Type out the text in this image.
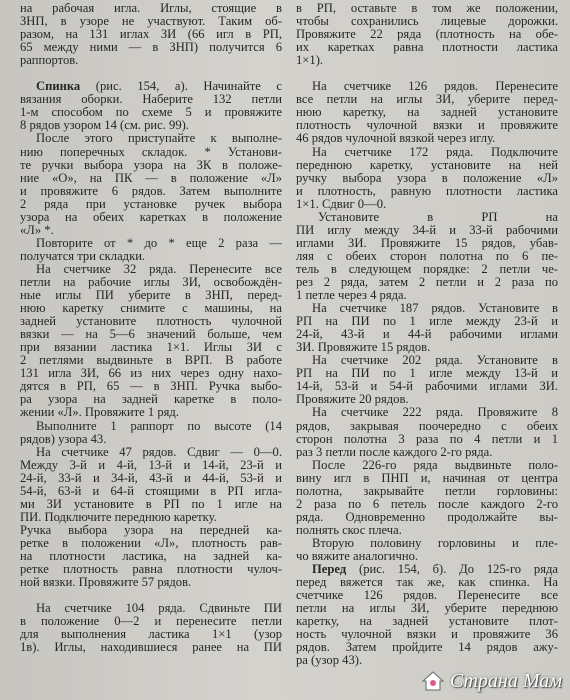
на рабочая игла. Иглы, стоящие в
ЗНП, в узоре не участвуют. Таким об-
разом, на 131 иглах ЗИ (66 игл в РП,
65 между ними — в ЗНП) получится 6
раппортов.
Спинка (рис. 154, а). Начинайте с
вязания оборки. Наберите 132 петли
1-м способом по схеме 5 и провяжите
8 рядов узором 14 (см. рис. 99).
После этого приступайте к выполне-
нию поперечных складок. * Установи-
те ручки выбора узора на ЗК в положе-
ние «О», на ПК — в положение «Л»
и провяжите 6 рядов. Затем выполните
2 ряда при установке ручек выбора
узора на обеих каретках в положение
«Л» *.
Повторите от * до * еще 2 раза —
получатся три складки.
На счетчике 32 ряда. Перенесите все
петли на рабочие иглы ЗИ, освобождён-
ные иглы ПИ уберите в ЗНП, перед-
нюю каретку снимите с машины, на
задней установите плотность чулочной
вязки — на 5—6 значений больше, чем
при вязании ластика 1×1. Иглы ЗИ с
2 петлями выдвиньте в ВРП. В работе
131 игла ЗИ, 66 из них через одну нахо-
дятся в РП, 65 — в ЗНП. Ручка выбо-
ра узора на задней каретке в поло-
жении «Л». Провяжите 1 ряд.
Выполните 1 раппорт по высоте (14
рядов) узора 43.
На счетчике 47 рядов. Сдвиг — 0—0.
Между 3-й и 4-й, 13-й и 14-й, 23-й и
24-й, 33-й и 34-й, 43-й и 44-й, 53-й и
54-й, 63-й и 64-й стоящими в РП игла-
ми ЗИ установите в РП по 1 игле на
ПИ. Подключите переднюю каретку.
Ручка выбора узора на передней ка-
ретке в положении «Л», плотность рав-
на плотности ластика, на задней ка-
ретке плотность равна плотности чулоч-
ной вязки. Провяжите 57 рядов.
На счетчике 104 ряда. Сдвиньте ПИ
в положение 0—2 и перенесите петли
для выполнения ластика 1×1 (узор
1в). Иглы, находившиеся ранее на ПИ
в РП, оставьте в том же положении,
чтобы сохранились лицевые дорожки.
Провяжите 22 ряда (плотность на обе-
их каретках равна плотности ластика
1×1).
На счетчике 126 рядов. Перенесите
все петли на иглы ЗИ, уберите перед-
нюю каретку, на задней установите
плотность чулочной вязки и провяжите
46 рядов чулочной вязкой через иглу.
На счетчике 172 ряда. Подключите
переднюю каретку, установите на ней
ручку выбора узора в положение «Л»
и плотность, равную плотности ластика
1×1. Сдвиг 0—0.
Установите в РП на
ПИ иглу между 34-й и 33-й рабочими
иглами ЗИ. Провяжите 15 рядов, убав-
ляя с обеих сторон полотна по 6 пе-
тель в следующем порядке: 2 петли че-
рез 2 ряда, затем 2 петли и 2 раза по
1 петле через 4 ряда.
На счетчике 187 рядов. Установите в
РП на ПИ по 1 игле между 23-й и
24-й, 43-й и 44-й рабочими иглами
ЗИ. Провяжите 15 рядов.
На счетчике 202 ряда. Установите в
РП на ПИ по 1 игле между 13-й и
14-й, 53-й и 54-й рабочими иглами ЗИ.
Провяжите 20 рядов.
На счетчике 222 ряда. Провяжите 8
рядов, закрывая поочередно с обеих
сторон полотна 3 раза по 4 петли и 1
раз 3 петли после каждого 2-го ряда.
После 226-го ряда выдвиньте поло-
вину игл в ПНП и, начиная от центра
полотна, закрывайте петли горловины:
2 раза по 6 петель после каждого 2-го
ряда. Одновременно продолжайте вы-
полнять скос плеча.
Вторую половину горловины и пле-
чо вяжите аналогично.
Перед (рис. 154, б). До 125-го ряда
перед вяжется так же, как спинка. На
счетчике 126 рядов. Перенесите все
петли на иглы ЗИ, уберите переднюю
каретку, на задней установите плот-
ность чулочной вязки и провяжите 36
рядов. Затем пройдите 14 рядов ажу-
ра (узор 43).
Страна Мам
